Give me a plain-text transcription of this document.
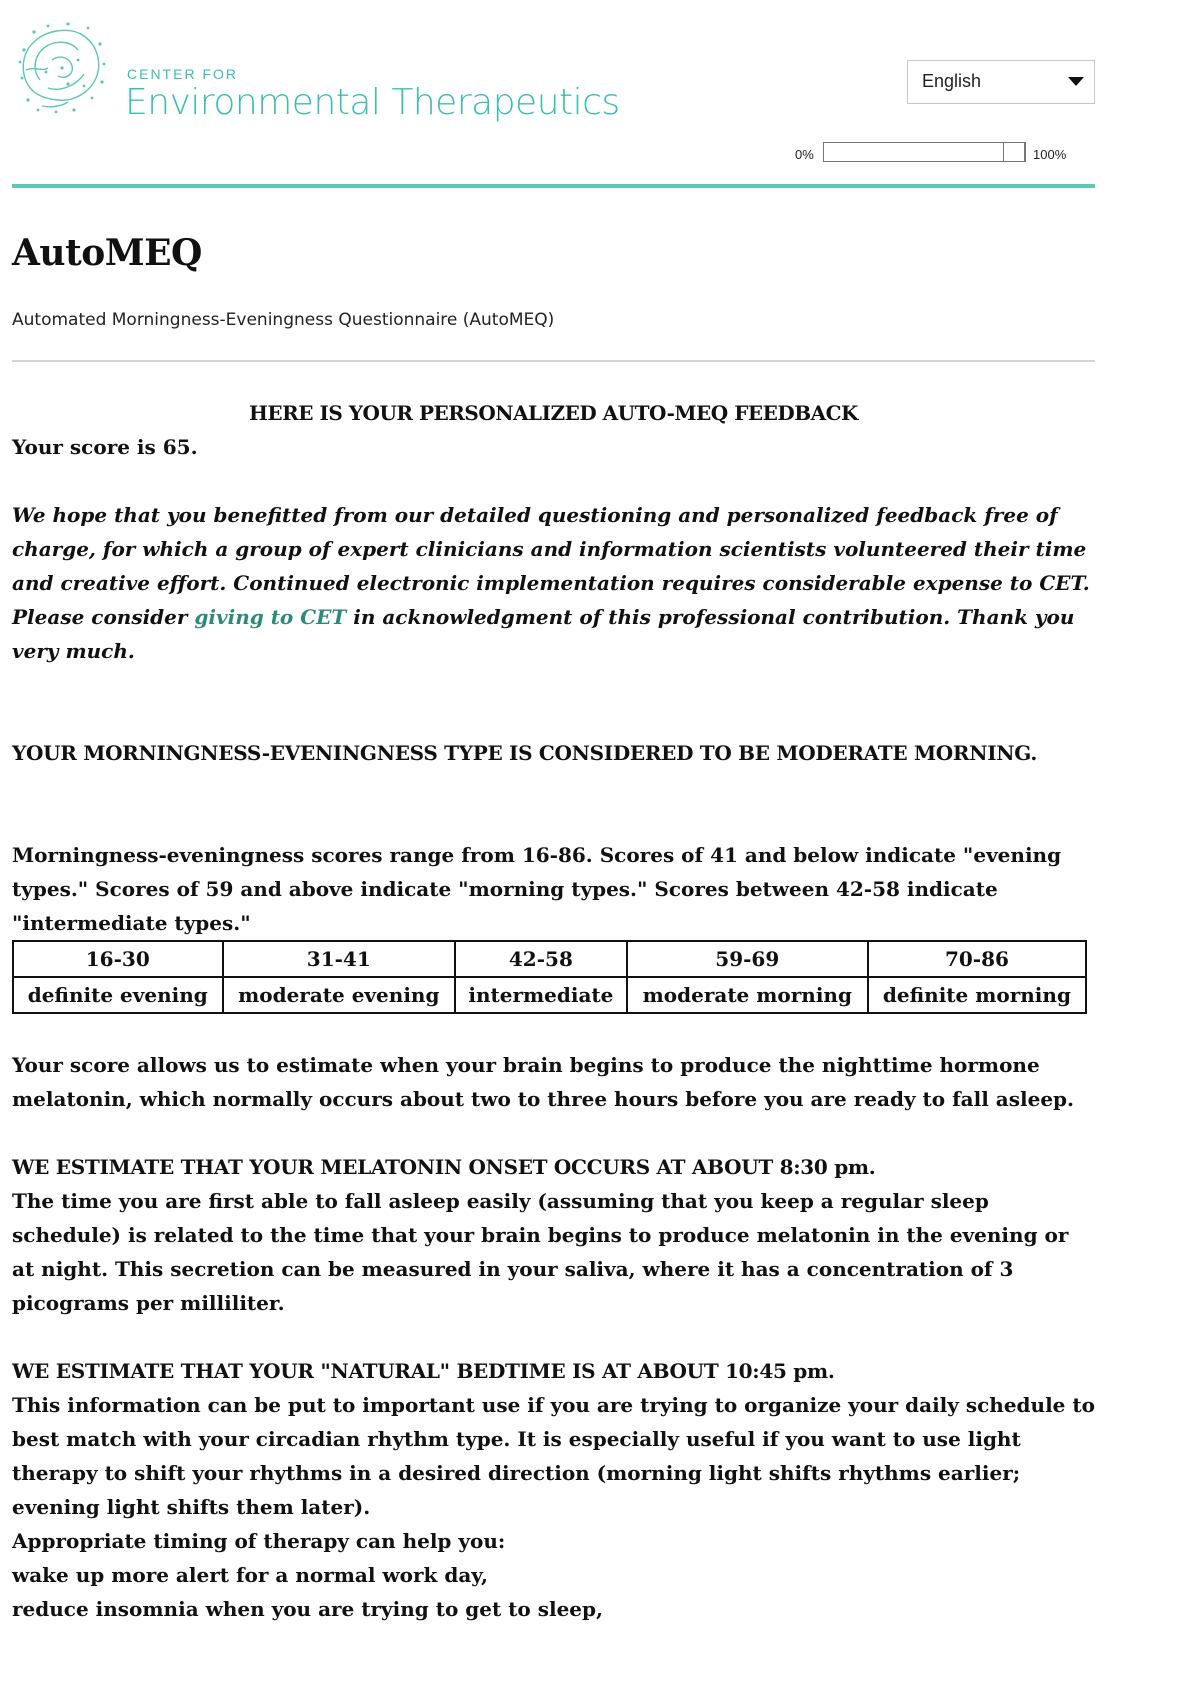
CENTER FOR
Environmental Therapeutics
English
0%	100%
AutoMEQ
Automated Morningness-Eveningness Questionnaire (AutoMEQ)

HERE IS YOUR PERSONALIZED AUTO-MEQ FEEDBACK

Your score is 65.

We hope that you benefitted from our detailed questioning and personalized feedback free of charge, for which a group of expert clinicians and information scientists volunteered their time and creative effort. Continued electronic implementation requires considerable expense to CET. Please consider giving to CET in acknowledgment of this professional contribution. Thank you very much.

YOUR MORNINGNESS-EVENINGNESS TYPE IS CONSIDERED TO BE MODERATE MORNING.

Morningness-eveningness scores range from 16-86. Scores of 41 and below indicate "evening types." Scores of 59 and above indicate "morning types." Scores between 42-58 indicate "intermediate types."

16-30	31-41	42-58	59-69	70-86
definite evening	moderate evening	intermediate	moderate morning	definite morning

Your score allows us to estimate when your brain begins to produce the nighttime hormone melatonin, which normally occurs about two to three hours before you are ready to fall asleep.

WE ESTIMATE THAT YOUR MELATONIN ONSET OCCURS AT ABOUT 8:30 pm.

The time you are first able to fall asleep easily (assuming that you keep a regular sleep schedule) is related to the time that your brain begins to produce melatonin in the evening or at night. This secretion can be measured in your saliva, where it has a concentration of 3 picograms per milliliter.

WE ESTIMATE THAT YOUR "NATURAL" BEDTIME IS AT ABOUT 10:45 pm.

This information can be put to important use if you are trying to organize your daily schedule to best match with your circadian rhythm type. It is especially useful if you want to use light therapy to shift your rhythms in a desired direction (morning light shifts rhythms earlier; evening light shifts them later).

Appropriate timing of therapy can help you:

wake up more alert for a normal work day,

reduce insomnia when you are trying to get to sleep,
